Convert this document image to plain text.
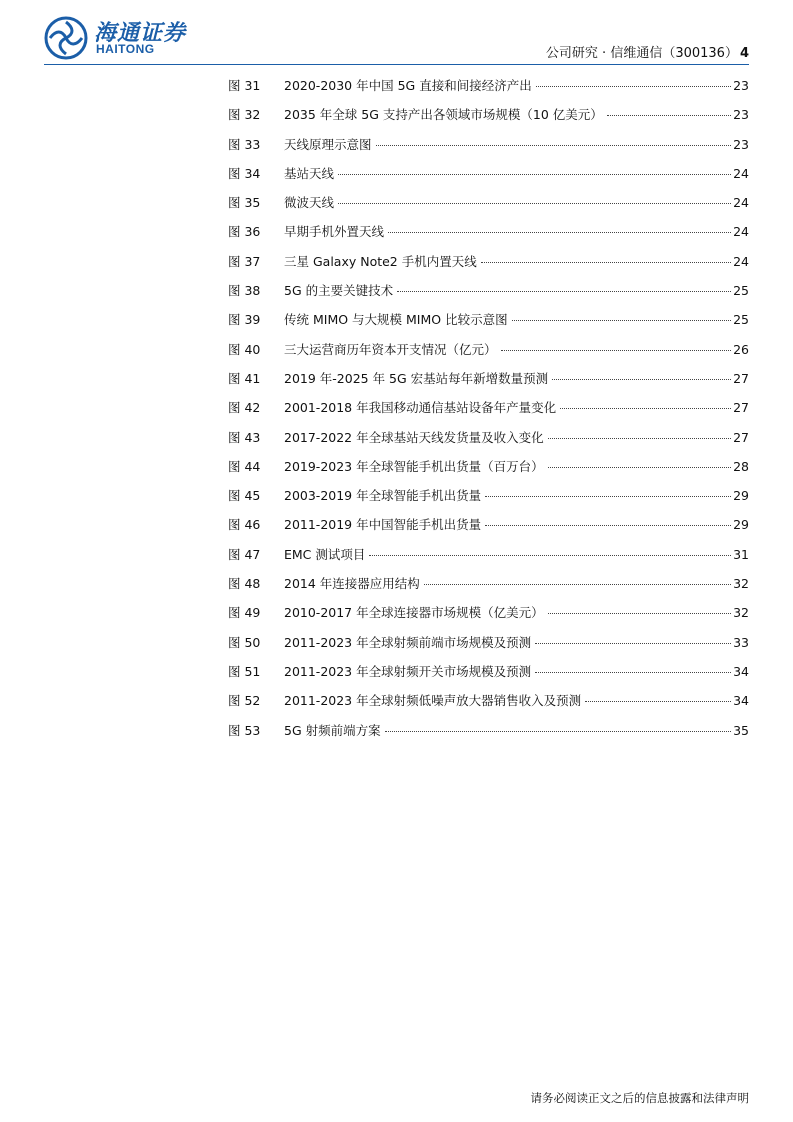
海通证券
HAITONG	公司研究 · 信维通信（300136） 4
图 31	2020-2030 年中国 5G 直接和间接经济产出	23
图 32	2035 年全球 5G 支持产出各领域市场规模（10 亿美元）	23
图 33	天线原理示意图	23
图 34	基站天线	24
图 35	微波天线	24
图 36	早期手机外置天线	24
图 37	三星 Galaxy Note2 手机内置天线	24
图 38	5G 的主要关键技术	25
图 39	传统 MIMO 与大规模 MIMO 比较示意图	25
图 40	三大运营商历年资本开支情况（亿元）	26
图 41	2019 年-2025 年 5G 宏基站每年新增数量预测	27
图 42	2001-2018 年我国移动通信基站设备年产量变化	27
图 43	2017-2022 年全球基站天线发货量及收入变化	27
图 44	2019-2023 年全球智能手机出货量（百万台）	28
图 45	2003-2019 年全球智能手机出货量	29
图 46	2011-2019 年中国智能手机出货量	29
图 47	EMC 测试项目	31
图 48	2014 年连接器应用结构	32
图 49	2010-2017 年全球连接器市场规模（亿美元）	32
图 50	2011-2023 年全球射频前端市场规模及预测	33
图 51	2011-2023 年全球射频开关市场规模及预测	34
图 52	2011-2023 年全球射频低噪声放大器销售收入及预测	34
图 53	5G 射频前端方案	35
请务必阅读正文之后的信息披露和法律声明
